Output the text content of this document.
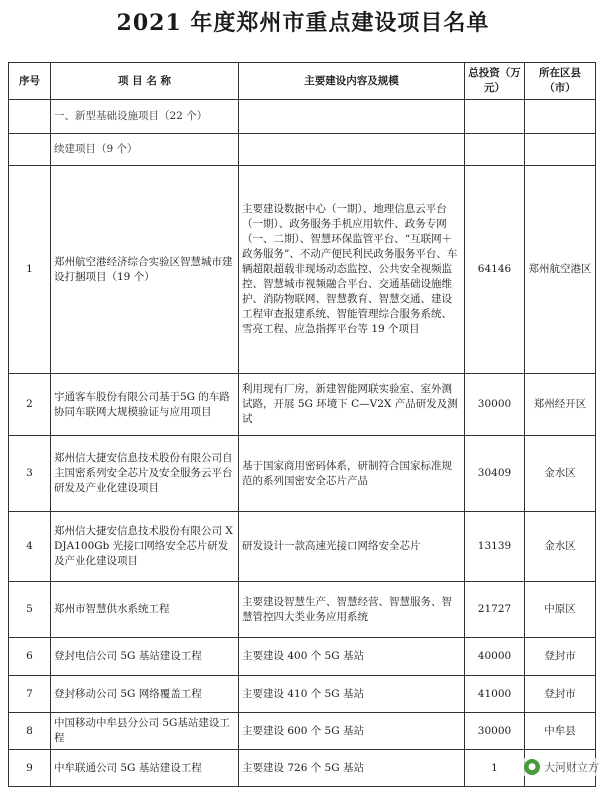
2021 年度郑州市重点建设项目名单
序号	项 目 名 称	主要建设内容及规模	总投资（万元）	所在区县（市）
	一、新型基础设施项目（22 个）			
	续建项目（9 个）			
1	郑州航空港经济综合实验区智慧城市建设打捆项目（19 个）	主要建设数据中心（一期）、地理信息云平台（一期）、政务服务手机应用软件、政务专网（一、二期）、智慧环保监管平台、“互联网＋政务服务”、不动产便民利民政务服务平台、车辆超限超载非现场动态监控、公共安全视频监控、智慧城市视频融合平台、交通基础设施维护、消防物联网、智慧教育、智慧交通、建设工程审查报建系统、智能管理综合服务系统、雪亮工程、应急指挥平台等 19 个项目	64146	郑州航空港区
2	宇通客车股份有限公司基于5G 的车路协同车联网大规模验证与应用项目	利用现有厂房，新建智能网联实验室、室外测试路，开展 5G 环境下 C—V2X 产品研发及测试	30000	郑州经开区
3	郑州信大捷安信息技术股份有限公司自主国密系列安全芯片及安全服务云平台研发及产业化建设项目	基于国家商用密码体系，研制符合国家标准规范的系列国密安全芯片产品	30409	金水区
4	郑州信大捷安信息技术股份有限公司 XDJA100Gb 光接口网络安全芯片研发及产业化建设项目	研发设计一款高速光接口网络安全芯片	13139	金水区
5	郑州市智慧供水系统工程	主要建设智慧生产、智慧经营、智慧服务、智慧管控四大类业务应用系统	21727	中原区
6	登封电信公司 5G 基站建设工程	主要建设 400 个 5G 基站	40000	登封市
7	登封移动公司 5G 网络覆盖工程	主要建设 410 个 5G 基站	41000	登封市
8	中国移动中牟县分公司 5G基站建设工程	主要建设 600 个 5G 基站	30000	中牟县
9	中牟联通公司 5G 基站建设工程	主要建设 726 个 5G 基站	1		● 大河财立方
